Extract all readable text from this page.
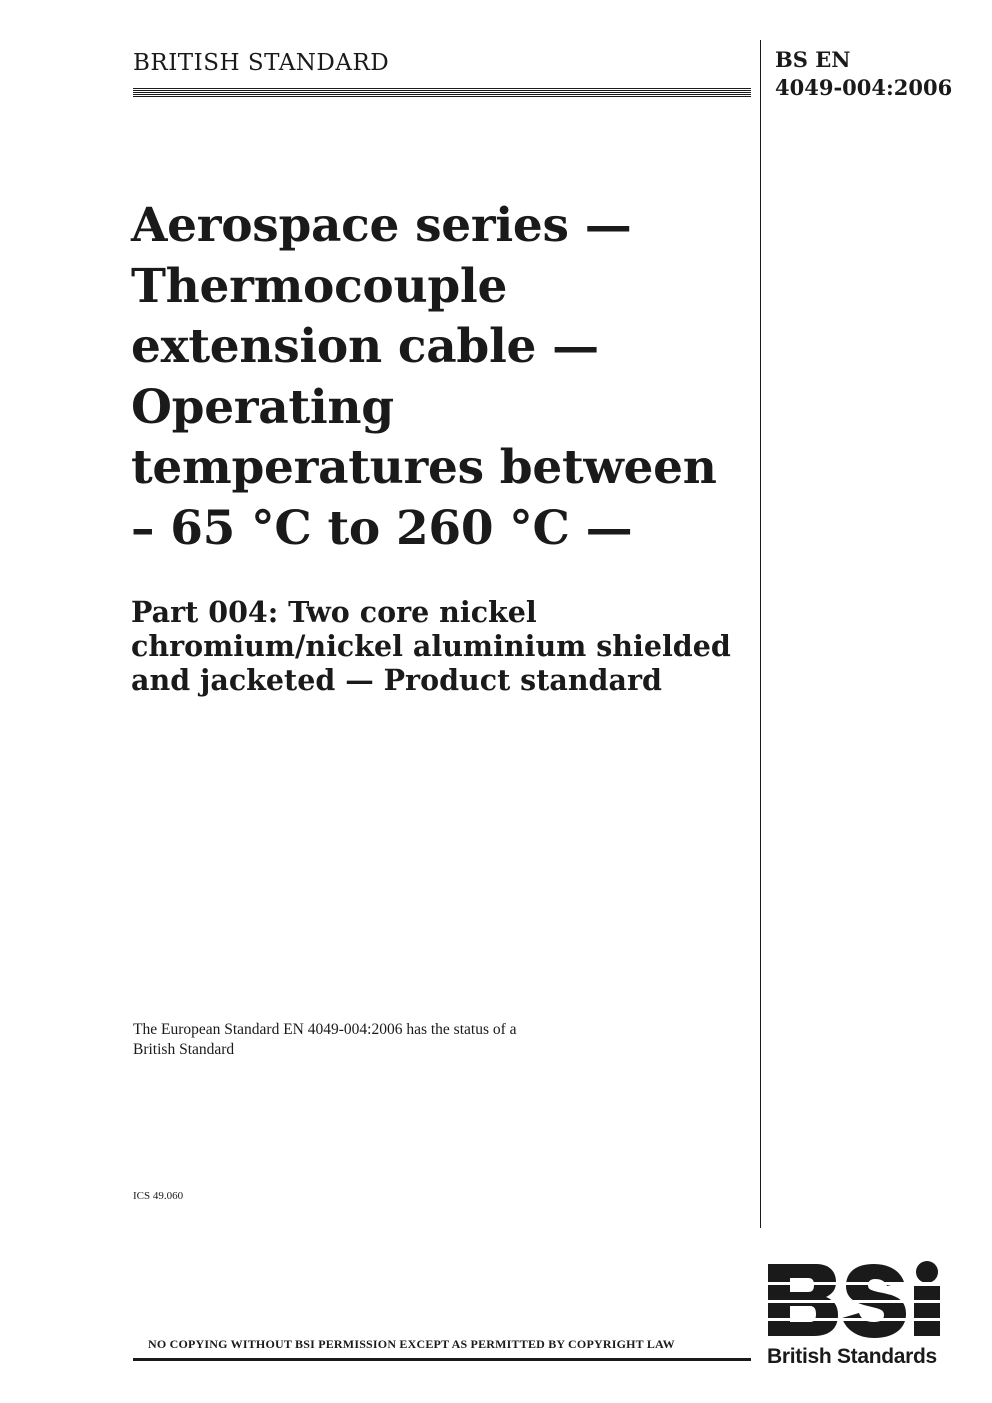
BRITISH STANDARD	BS EN
4049-004:2006
Aerospace series —
Thermocouple
extension cable —
Operating
temperatures between
– 65 °C to 260 °C —
Part 004: Two core nickel
chromium/nickel aluminium shielded
and jacketed — Product standard
The European Standard EN 4049-004:2006 has the status of a
British Standard
ICS 49.060
NO COPYING WITHOUT BSI PERMISSION EXCEPT AS PERMITTED BY COPYRIGHT LAW
British Standards
